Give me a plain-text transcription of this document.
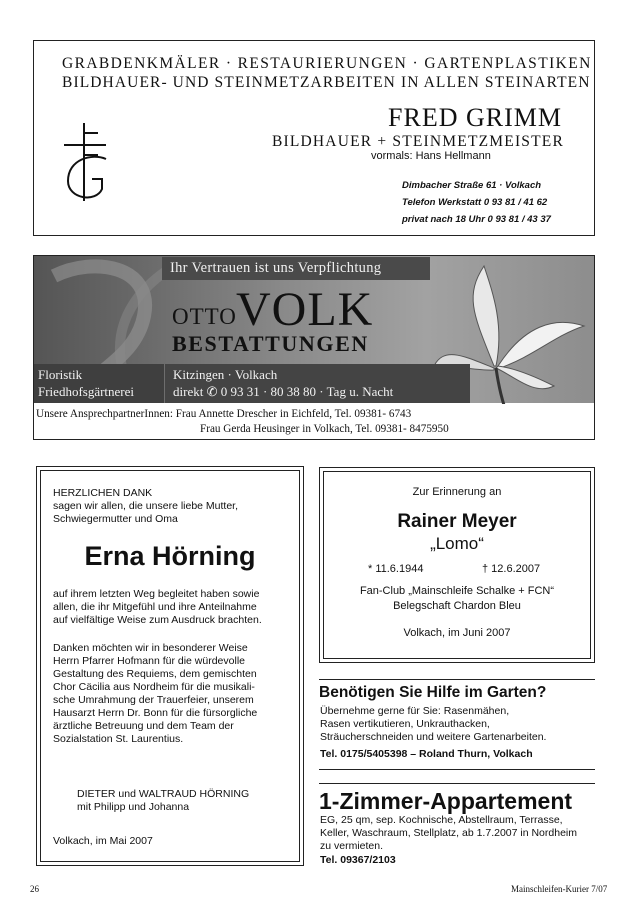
GRABDENKMÄLER · RESTAURIERUNGEN · GARTENPLASTIKEN
BILDHAUER- UND STEINMETZARBEITEN IN ALLEN STEINARTEN
FRED GRIMM
BILDHAUER + STEINMETZMEISTER
vormals: Hans Hellmann
Dimbacher Straße 61 · Volkach
Telefon Werkstatt 0 93 81 / 41 62
privat nach 18 Uhr 0 93 81 / 43 37
Ihr Vertrauen ist uns Verpflichtung
OTTO VOLK
BESTATTUNGEN
Floristik
Friedhofsgärtnerei
Kitzingen · Volkach
direkt ✆ 0 93 31 · 80 38 80 · Tag u. Nacht
Unsere AnsprechpartnerInnen: Frau Annette Drescher in Eichfeld, Tel. 09381- 6743
Frau Gerda Heusinger in Volkach, Tel. 09381- 8475950
HERZLICHEN DANK
sagen wir allen, die unsere liebe Mutter,
Schwiegermutter und Oma
Erna Hörning
auf ihrem letzten Weg begleitet haben sowie
allen, die ihr Mitgefühl und ihre Anteilnahme
auf vielfältige Weise zum Ausdruck brachten.
Danken möchten wir in besonderer Weise
Herrn Pfarrer Hofmann für die würdevolle
Gestaltung des Requiems, dem gemischten
Chor Cäcilia aus Nordheim für die musikali-
sche Umrahmung der Trauerfeier, unserem
Hausarzt Herrn Dr. Bonn für die fürsorgliche
ärztliche Betreuung und dem Team der
Sozialstation St. Laurentius.
DIETER und WALTRAUD HÖRNING
mit Philipp und Johanna
Volkach, im Mai 2007
Zur Erinnerung an
Rainer Meyer
„Lomo“
* 11.6.1944	† 12.6.2007
Fan-Club „Mainschleife Schalke + FCN“
Belegschaft Chardon Bleu
Volkach, im Juni 2007
Benötigen Sie Hilfe im Garten?
Übernehme gerne für Sie: Rasenmähen,
Rasen vertikutieren, Unkrauthacken,
Sträucherschneiden und weitere Gartenarbeiten.
Tel. 0175/5405398 – Roland Thurn, Volkach
1-Zimmer-Appartement
EG, 25 qm, sep. Kochnische, Abstellraum, Terrasse,
Keller, Waschraum, Stellplatz, ab 1.7.2007 in Nordheim
zu vermieten.
Tel. 09367/2103
26	Mainschleifen-Kurier 7/07
